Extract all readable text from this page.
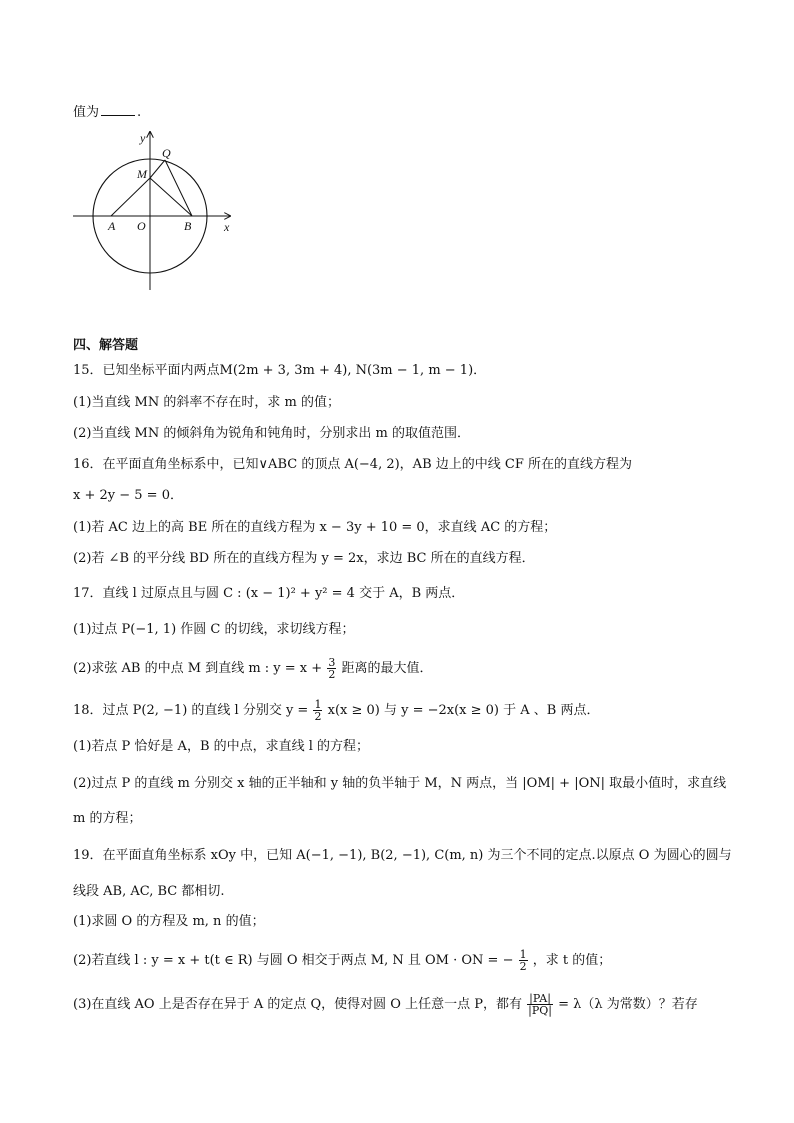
值为	.
y
x
Q
M
A O	B
四、解答题
15．已知坐标平面内两点M(2m + 3, 3m + 4), N(3m − 1, m − 1)．
(1)当直线 MN 的斜率不存在时，求 m 的值；
(2)当直线 MN 的倾斜角为锐角和钝角时，分别求出 m 的取值范围．
16．在平面直角坐标系中，已知∨ABC 的顶点 A(−4, 2)，AB 边上的中线 CF 所在的直线方程为
x + 2y − 5 = 0．
(1)若 AC 边上的高 BE 所在的直线方程为 x − 3y + 10 = 0，求直线 AC 的方程；
(2)若 ∠B 的平分线 BD 所在的直线方程为 y = 2x，求边 BC 所在的直线方程．
17．直线 l 过原点且与圆 C : (x − 1)² + y² = 4 交于 A，B 两点．
(1)过点 P(−1, 1) 作圆 C 的切线，求切线方程；
(2)求弦 AB 的中点 M 到直线 m : $y = x + \frac{3}{2}$ 距离的最大值．
18．过点 P(2, −1) 的直线 l 分别交 $y = \frac{1}{2} x(x \ge 0)$ 与 y = −2x(x ≥ 0) 于 A 、B 两点．
(1)若点 P 恰好是 A，B 的中点，求直线 l 的方程；
(2)过点 P 的直线 m 分别交 x 轴的正半轴和 y 轴的负半轴于 M，N 两点，当 |OM| + |ON| 取最小值时，求直线
m 的方程；
19．在平面直角坐标系 xOy 中，已知 A(−1, −1), B(2, −1), C(m, n) 为三个不同的定点.以原点 O 为圆心的圆与
线段 AB, AC, BC 都相切.
(1)求圆 O 的方程及 m, n 的值；
(2)若直线 l : y = x + t(t ∈ R) 与圆 O 相交于两点 M, N 且 OM · ON = − $\frac{1}{2}$ ，求 t 的值；
(3)在直线 AO 上是否存在异于 A 的定点 Q，使得对圆 O 上任意一点 P，都有 $\frac{|PA|}{|PQ|} = \lambda(\lambda$ 为常数）？若存
